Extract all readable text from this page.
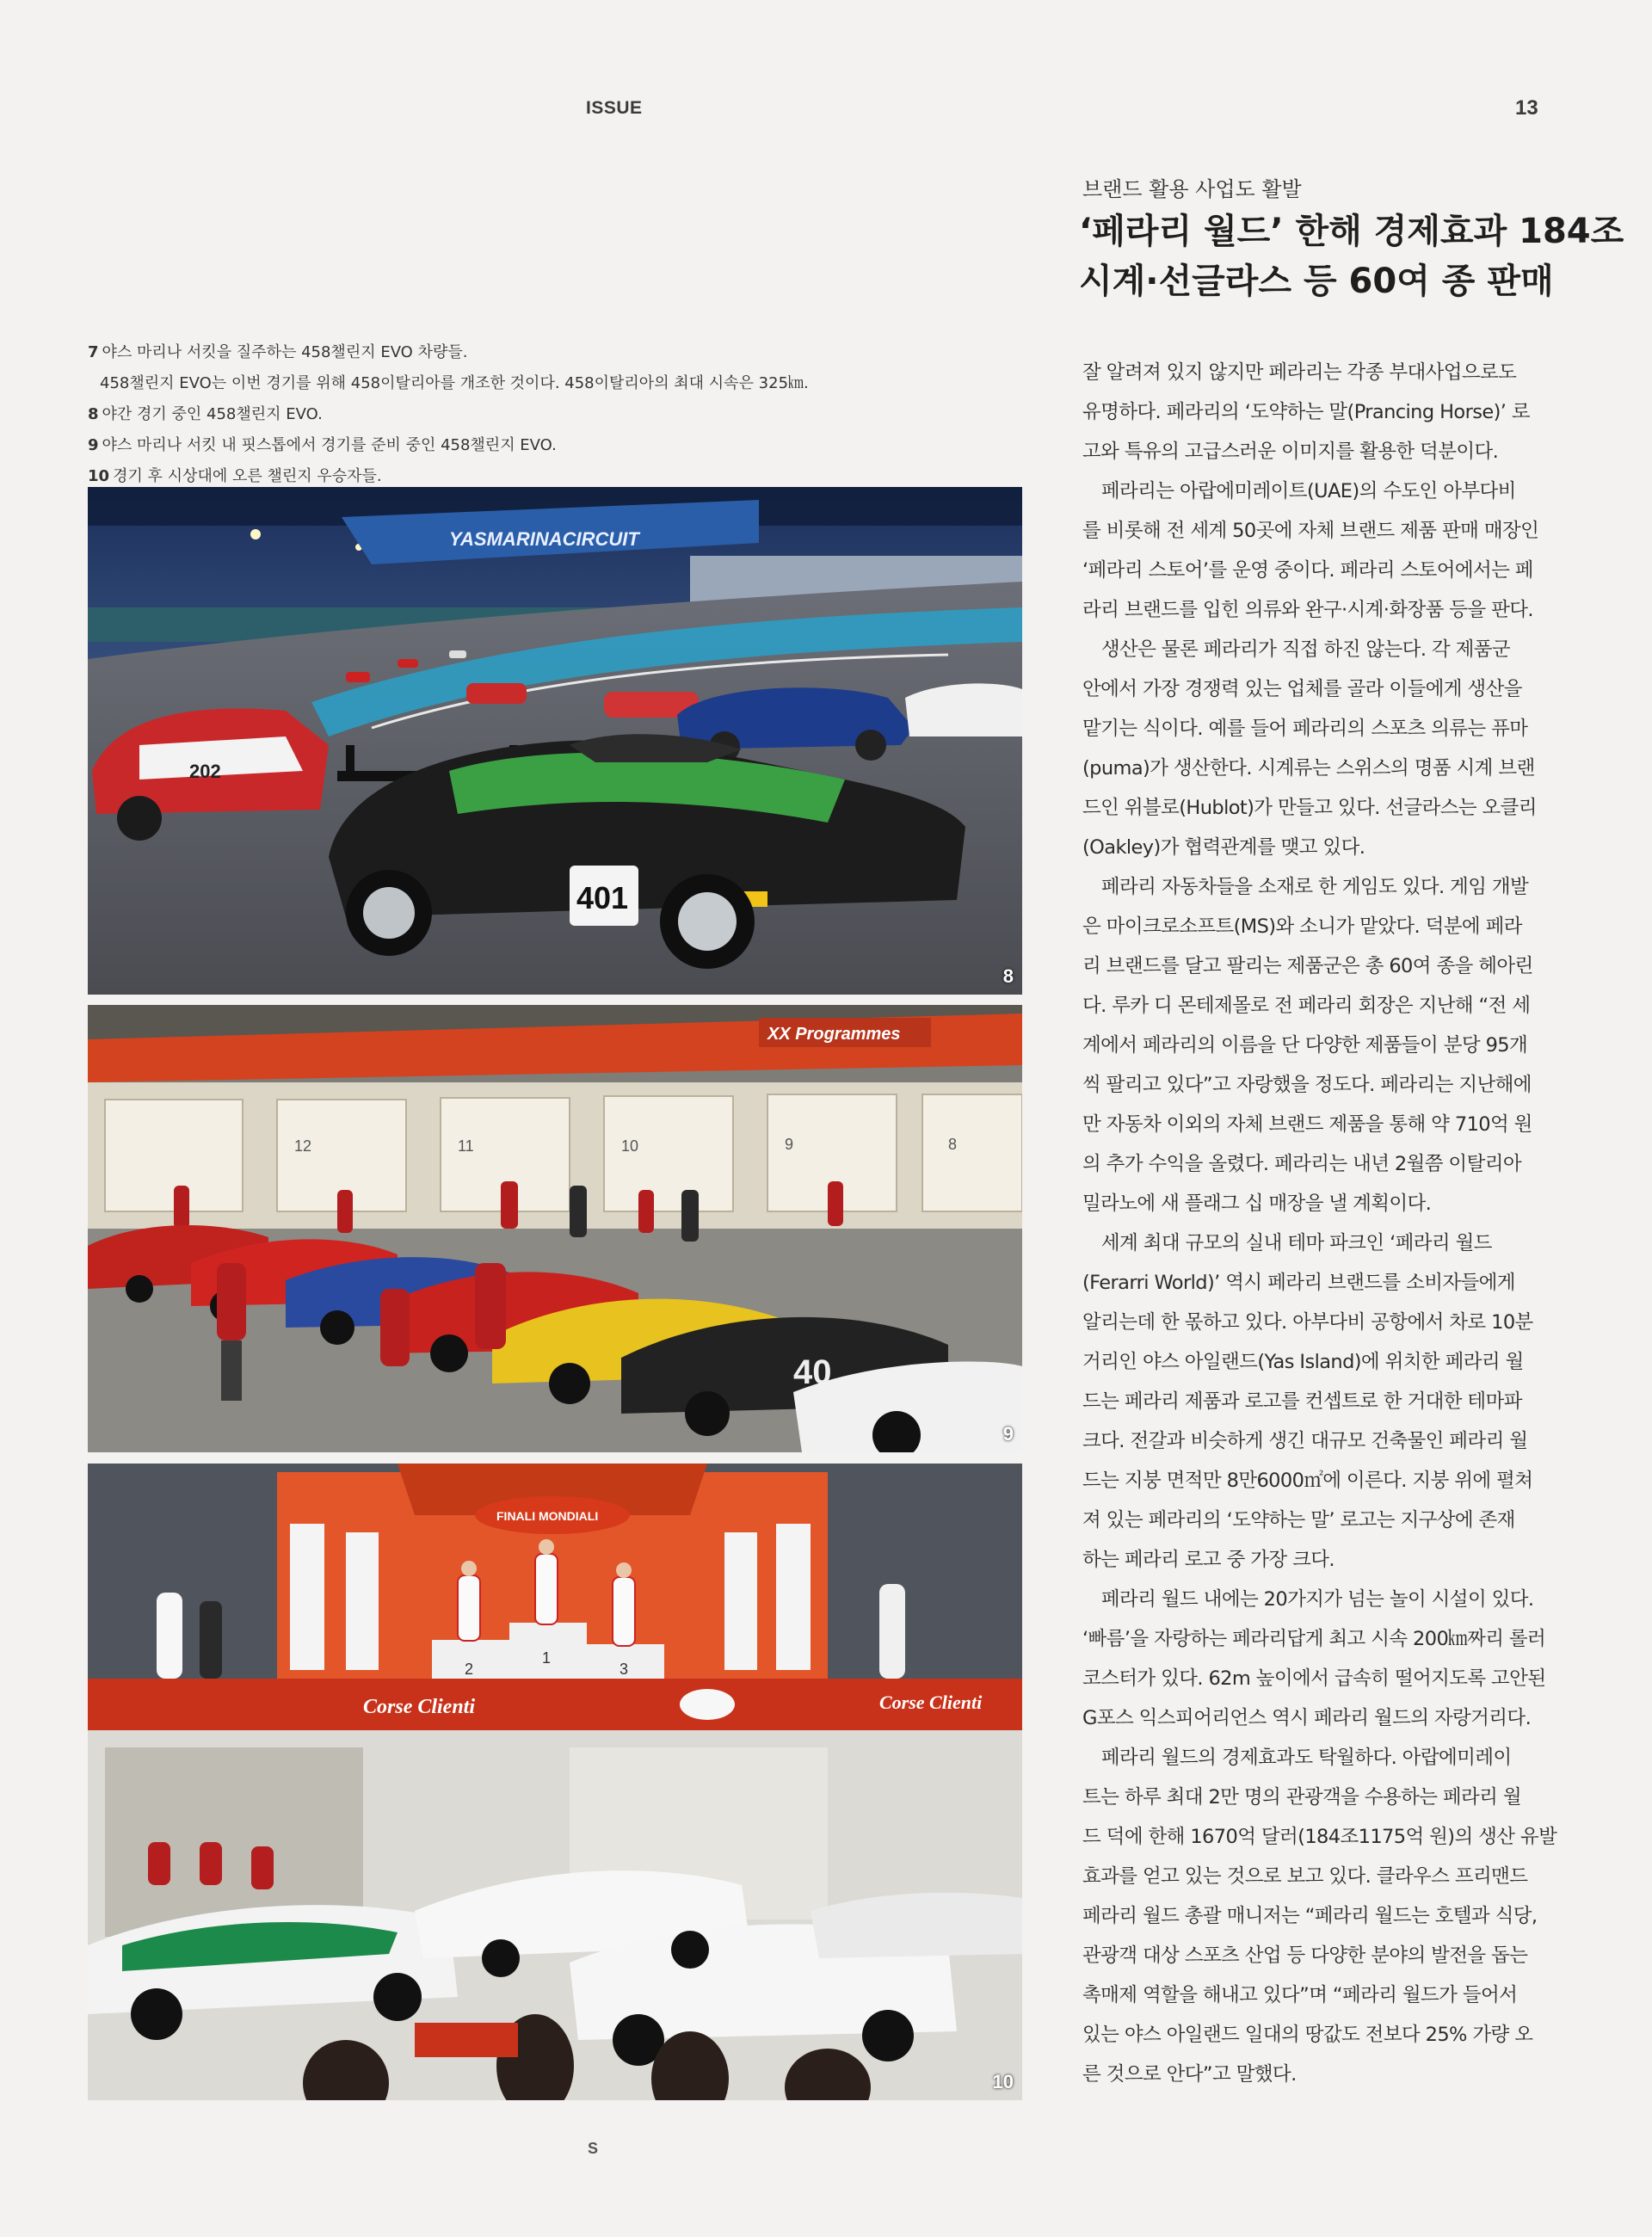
ISSUE	13
7 야스 마리나 서킷을 질주하는 458챌린지 EVO 차량들.
458챌린지 EVO는 이번 경기를 위해 458이탈리아를 개조한 것이다. 458이탈리아의 최대 시속은 325㎞.
8 야간 경기 중인 458챌린지 EVO.
9 야스 마리나 서킷 내 핏스톱에서 경기를 준비 중인 458챌린지 EVO.
10 경기 후 시상대에 오른 챌린지 우승자들.
YASMARINACIRCUIT
202
401
8
XX Programmes
12	11	10	9	8
40
9
FINALI MONDIALI
2
1
3
Corse Clienti	Corse Clienti
10
브랜드 활용 사업도 활발
‘페라리 월드’ 한해 경제효과 184조
시계·선글라스 등 60여 종 판매
잘 알려져 있지 않지만 페라리는 각종 부대사업으로도
유명하다. 페라리의 ‘도약하는 말(Prancing Horse)’ 로
고와 특유의 고급스러운 이미지를 활용한 덕분이다.
　페라리는 아랍에미레이트(UAE)의 수도인 아부다비
를 비롯해 전 세계 50곳에 자체 브랜드 제품 판매 매장인
‘페라리 스토어’를 운영 중이다. 페라리 스토어에서는 페
라리 브랜드를 입힌 의류와 완구·시계·화장품 등을 판다.
　생산은 물론 페라리가 직접 하진 않는다. 각 제품군
안에서 가장 경쟁력 있는 업체를 골라 이들에게 생산을
맡기는 식이다. 예를 들어 페라리의 스포츠 의류는 퓨마
(puma)가 생산한다. 시계류는 스위스의 명품 시계 브랜
드인 위블로(Hublot)가 만들고 있다. 선글라스는 오클리
(Oakley)가 협력관계를 맺고 있다.
　페라리 자동차들을 소재로 한 게임도 있다. 게임 개발
은 마이크로소프트(MS)와 소니가 맡았다. 덕분에 페라
리 브랜드를 달고 팔리는 제품군은 총 60여 종을 헤아린
다. 루카 디 몬테제몰로 전 페라리 회장은 지난해 “전 세
계에서 페라리의 이름을 단 다양한 제품들이 분당 95개
씩 팔리고 있다”고 자랑했을 정도다. 페라리는 지난해에
만 자동차 이외의 자체 브랜드 제품을 통해 약 710억 원
의 추가 수익을 올렸다. 페라리는 내년 2월쯤 이탈리아
밀라노에 새 플래그 십 매장을 낼 계획이다.
　세계 최대 규모의 실내 테마 파크인 ‘페라리 월드
(Ferarri World)’ 역시 페라리 브랜드를 소비자들에게
알리는데 한 몫하고 있다. 아부다비 공항에서 차로 10분
거리인 야스 아일랜드(Yas Island)에 위치한 페라리 월
드는 페라리 제품과 로고를 컨셉트로 한 거대한 테마파
크다. 전갈과 비슷하게 생긴 대규모 건축물인 페라리 월
드는 지붕 면적만 8만6000㎡에 이른다. 지붕 위에 펼쳐
져 있는 페라리의 ‘도약하는 말’ 로고는 지구상에 존재
하는 페라리 로고 중 가장 크다.
　페라리 월드 내에는 20가지가 넘는 놀이 시설이 있다.
‘빠름’을 자랑하는 페라리답게 최고 시속 200㎞짜리 롤러
코스터가 있다. 62m 높이에서 급속히 떨어지도록 고안된
G포스 익스피어리언스 역시 페라리 월드의 자랑거리다.
　페라리 월드의 경제효과도 탁월하다. 아랍에미레이
트는 하루 최대 2만 명의 관광객을 수용하는 페라리 월
드 덕에 한해 1670억 달러(184조1175억 원)의 생산 유발
효과를 얻고 있는 것으로 보고 있다. 클라우스 프리맨드
페라리 월드 총괄 매니저는 “페라리 월드는 호텔과 식당,
관광객 대상 스포츠 산업 등 다양한 분야의 발전을 돕는
촉매제 역할을 해내고 있다”며 “페라리 월드가 들어서
있는 야스 아일랜드 일대의 땅값도 전보다 25% 가량 오
른 것으로 안다”고 말했다.
S
